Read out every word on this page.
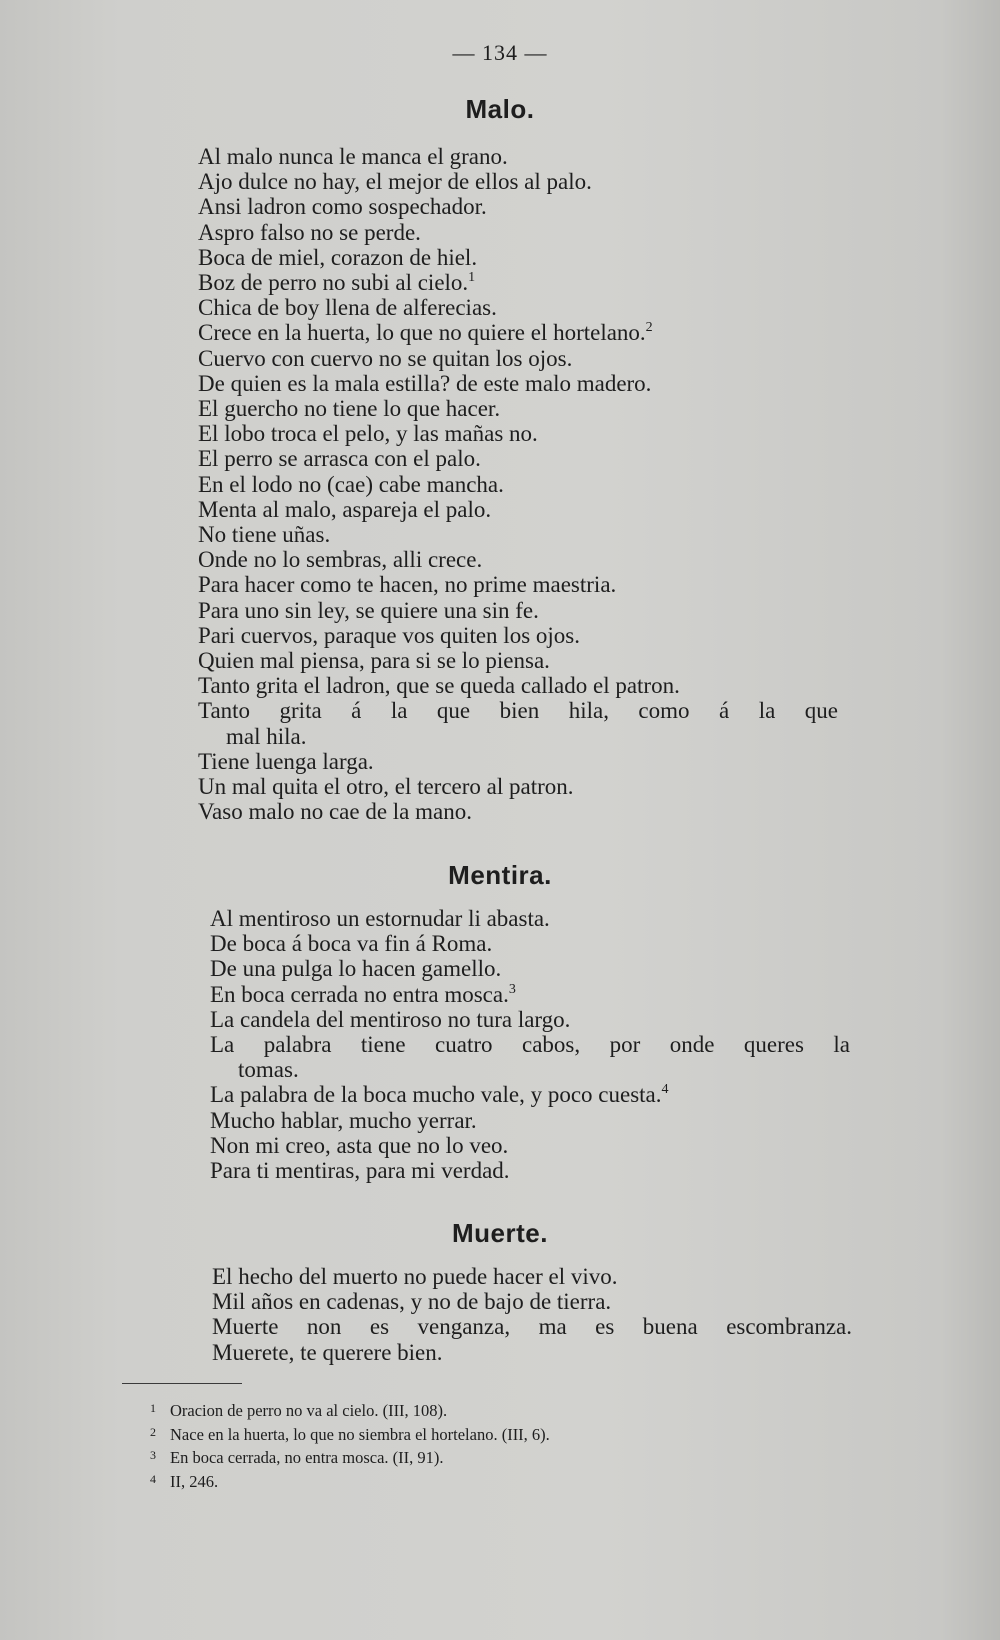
— 134 —
Malo.
Al malo nunca le manca el grano.
Ajo dulce no hay, el mejor de ellos al palo.
Ansi ladron como sospechador.
Aspro falso no se perde.
Boca de miel, corazon de hiel.
Boz de perro no subi al cielo.$^1$
Chica de boy llena de alferecias.
Crece en la huerta, lo que no quiere el hortelano.$^2$
Cuervo con cuervo no se quitan los ojos.
De quien es la mala estilla? de este malo madero.
El guercho no tiene lo que hacer.
El lobo troca el pelo, y las mañas no.
El perro se arrasca con el palo.
En el lodo no (cae) cabe mancha.
Menta al malo, aspareja el palo.
No tiene uñas.
Onde no lo sembras, alli crece.
Para hacer como te hacen, no prime maestria.
Para uno sin ley, se quiere una sin fe.
Pari cuervos, paraque vos quiten los ojos.
Quien mal piensa, para si se lo piensa.
Tanto grita el ladron, que se queda callado el patron.
Tanto grita á la que bien hila, como á la que
mal hila.
Tiene luenga larga.
Un mal quita el otro, el tercero al patron.
Vaso malo no cae de la mano.
Mentira.
Al mentiroso un estornudar li abasta.
De boca á boca va fin á Roma.
De una pulga lo hacen gamello.
En boca cerrada no entra mosca.$^3$
La candela del mentiroso no tura largo.
La palabra tiene cuatro cabos, por onde queres la
tomas.
La palabra de la boca mucho vale, y poco cuesta.$^4$
Mucho hablar, mucho yerrar.
Non mi creo, asta que no lo veo.
Para ti mentiras, para mi verdad.
Muerte.
El hecho del muerto no puede hacer el vivo.
Mil años en cadenas, y no de bajo de tierra.
Muerte non es venganza, ma es buena escombranza.
Muerete, te querere bien.
1 Oracion de perro no va al cielo. (III, 108).
2 Nace en la huerta, lo que no siembra el hortelano. (III, 6).
3 En boca cerrada, no entra mosca. (II, 91).
4 II, 246.
